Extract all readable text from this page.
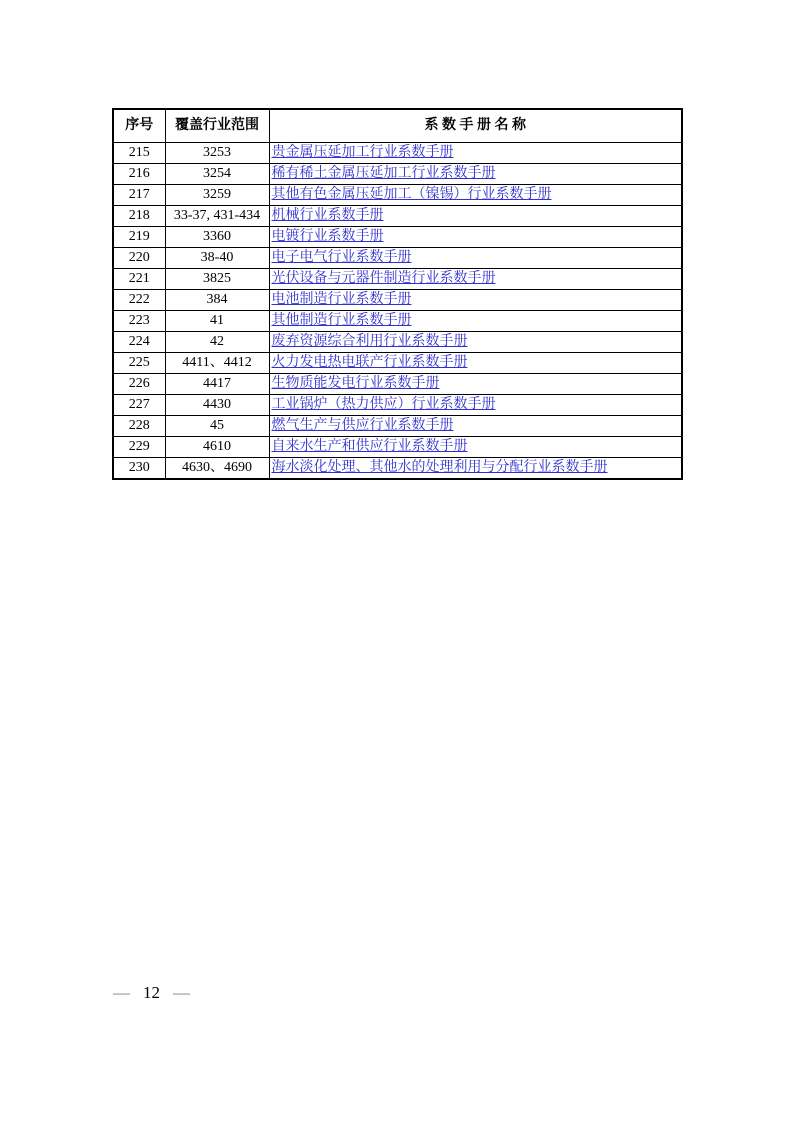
序号	覆盖行业范围	系 数 手 册 名 称
215	3253	贵金属压延加工行业系数手册
216	3254	稀有稀土金属压延加工行业系数手册
217	3259	其他有色金属压延加工（镍锡）行业系数手册
218	33-37, 431-434	机械行业系数手册
219	3360	电镀行业系数手册
220	38-40	电子电气行业系数手册
221	3825	光伏设备与元器件制造行业系数手册
222	384	电池制造行业系数手册
223	41	其他制造行业系数手册
224	42	废弃资源综合利用行业系数手册
225	4411、4412	火力发电热电联产行业系数手册
226	4417	生物质能发电行业系数手册
227	4430	工业锅炉（热力供应）行业系数手册
228	45	燃气生产与供应行业系数手册
229	4610	自来水生产和供应行业系数手册
230	4630、4690	海水淡化处理、其他水的处理利用与分配行业系数手册
— 12 —
